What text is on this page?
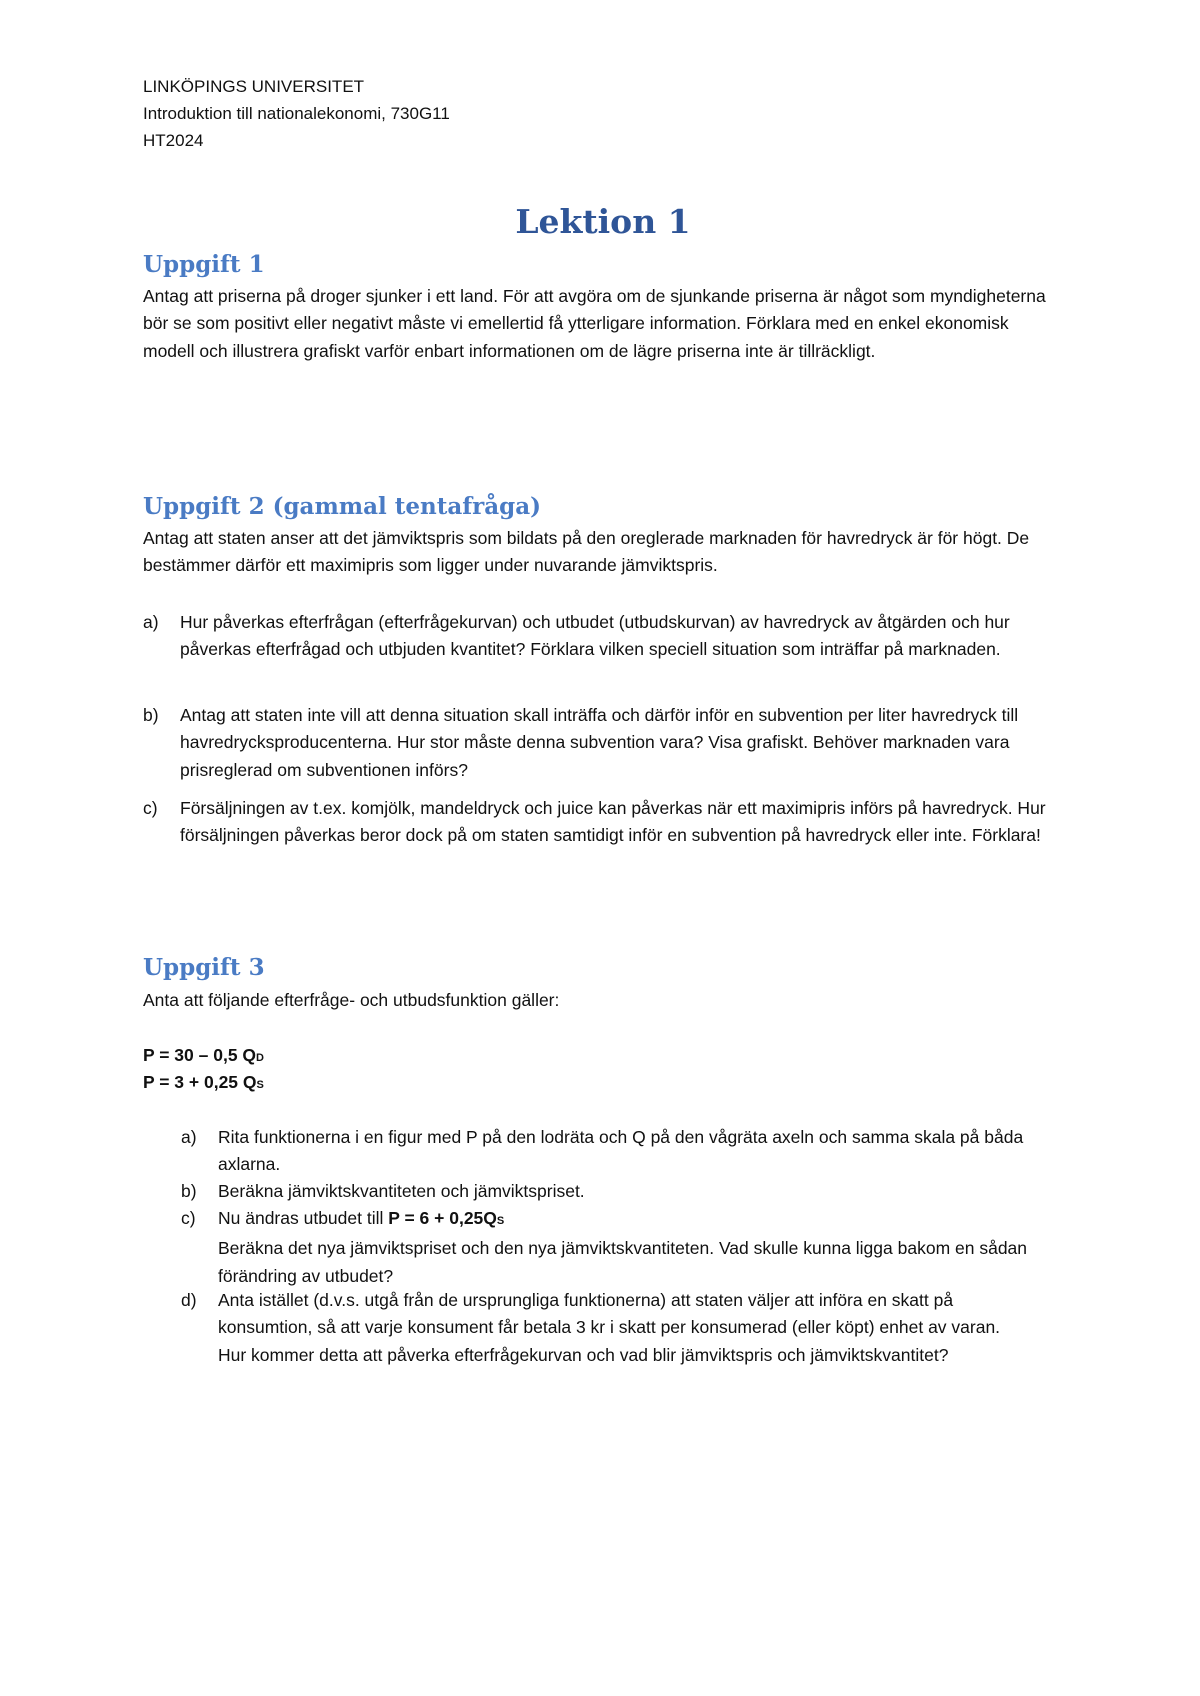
LINKÖPINGS UNIVERSITET
Introduktion till nationalekonomi, 730G11
HT2024
Lektion 1
Uppgift 1

Antag att priserna på droger sjunker i ett land. För att avgöra om de sjunkande priserna är något som myndigheterna bör se som positivt eller negativt måste vi emellertid få ytterligare information. Förklara med en enkel ekonomisk modell och illustrera grafiskt varför enbart informationen om de lägre priserna inte är tillräckligt.

Uppgift 2 (gammal tentafråga)

Antag att staten anser att det jämviktspris som bildats på den oreglerade marknaden för havredryck är för högt. De bestämmer därför ett maximipris som ligger under nuvarande jämviktspris.

a) Hur påverkas efterfrågan (efterfrågekurvan) och utbudet (utbudskurvan) av havredryck av åtgärden och hur påverkas efterfrågad och utbjuden kvantitet? Förklara vilken speciell situation som inträffar på marknaden.

b) Antag att staten inte vill att denna situation skall inträffa och därför inför en subvention per liter havredryck till havredrycksproducenterna. Hur stor måste denna subvention vara? Visa grafiskt. Behöver marknaden vara prisreglerad om subventionen införs?

c) Försäljningen av t.ex. komjölk, mandeldryck och juice kan påverkas när ett maximipris införs på havredryck. Hur försäljningen påverkas beror dock på om staten samtidigt inför en subvention på havredryck eller inte. Förklara!

Uppgift 3

Anta att följande efterfråge- och utbudsfunktion gäller:

P = 30 – 0,5 QD

P = 3 + 0,25 QS

a) Rita funktionerna i en figur med P på den lodräta och Q på den vågräta axeln och samma skala på båda axlarna.

b) Beräkna jämviktskvantiteten och jämviktspriset.

c) Nu ändras utbudet till P = 6 + 0,25QS
Beräkna det nya jämviktspriset och den nya jämviktskvantiteten. Vad skulle kunna ligga bakom en sådan förändring av utbudet?
d) Anta istället (d.v.s. utgå från de ursprungliga funktionerna) att staten väljer att införa en skatt på konsumtion, så att varje konsument får betala 3 kr i skatt per konsumerad (eller köpt) enhet av varan. Hur kommer detta att påverka efterfrågekurvan och vad blir jämviktspris och jämviktskvantitet?
